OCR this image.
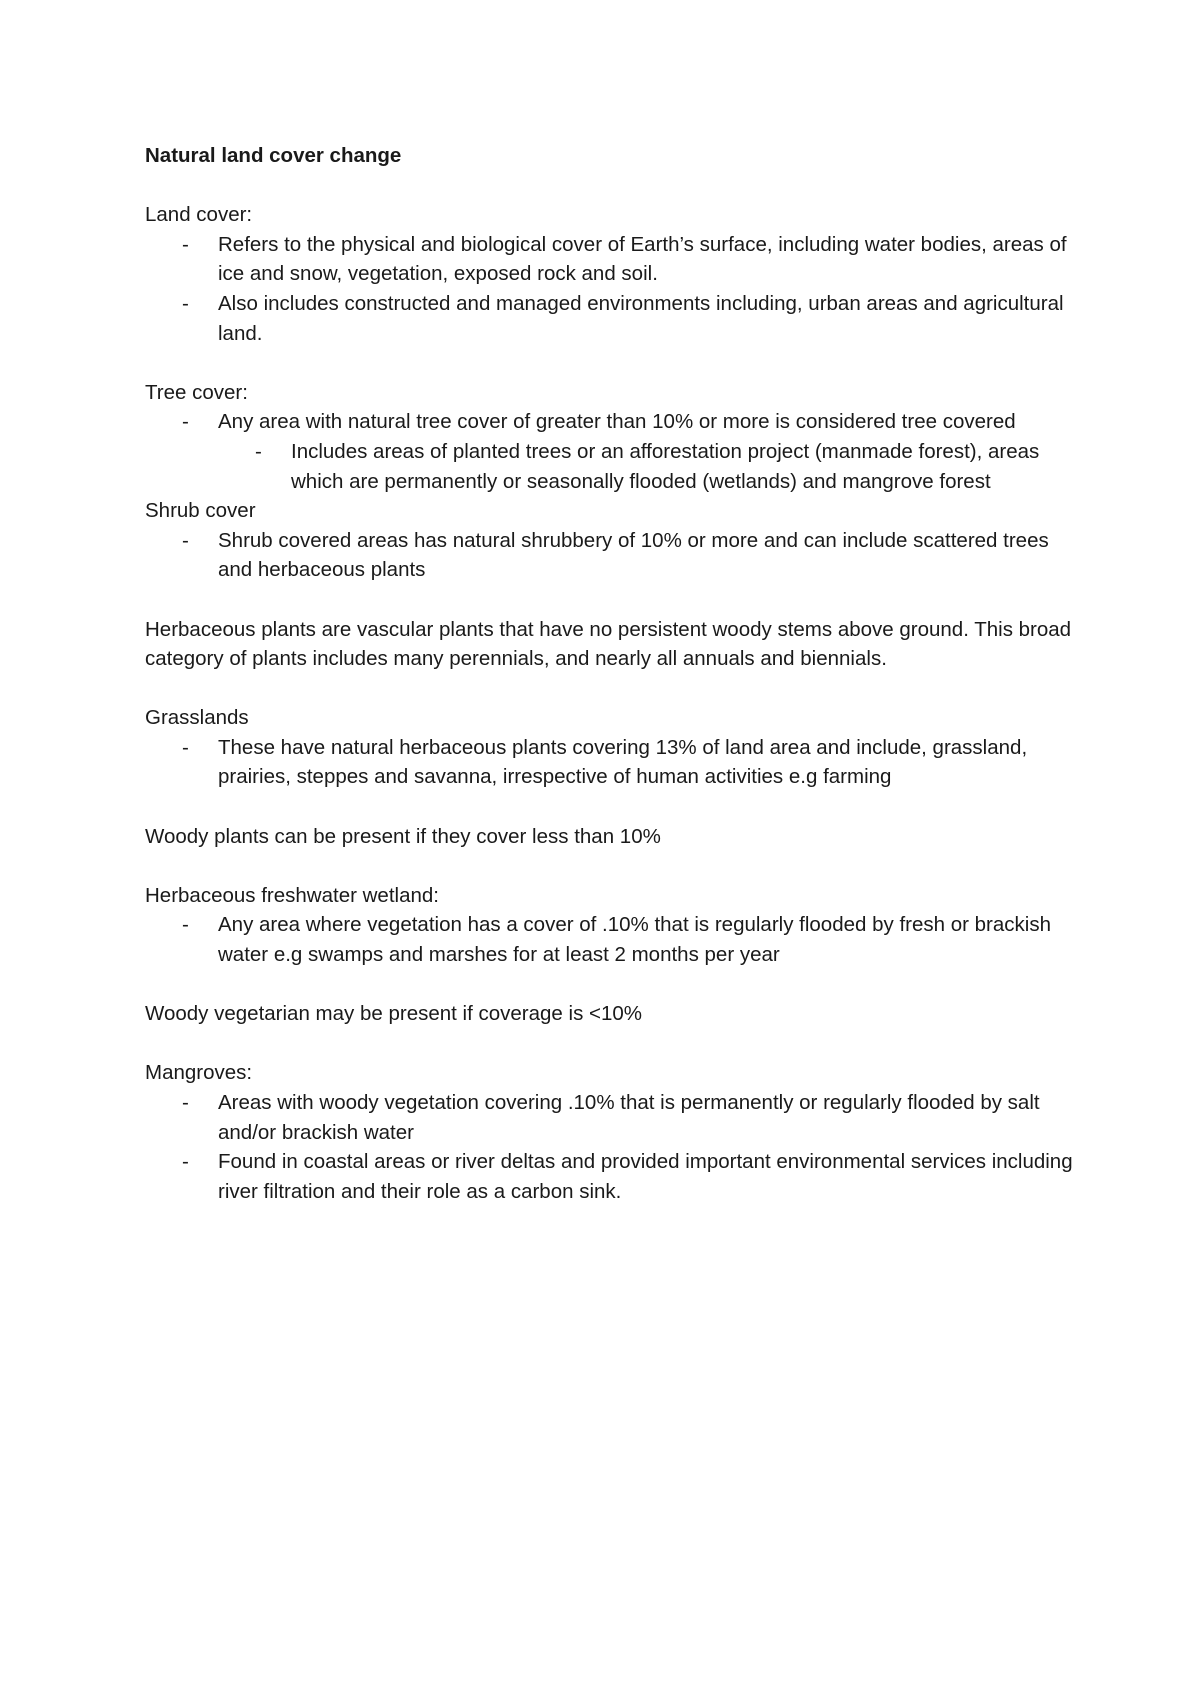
Natural land cover change

Land cover:

- Refers to the physical and biological cover of Earth’s surface, including water bodies, areas of ice and snow, vegetation, exposed rock and soil.
- Also includes constructed and managed environments including, urban areas and agricultural land.

Tree cover:

- Any area with natural tree cover of greater than 10% or more is considered tree covered
- Includes areas of planted trees or an afforestation project (manmade forest), areas which are permanently or seasonally flooded (wetlands) and mangrove forest

Shrub cover

- Shrub covered areas has natural shrubbery of 10% or more and can include scattered trees and herbaceous plants

Herbaceous plants are vascular plants that have no persistent woody stems above ground. This broad category of plants includes many perennials, and nearly all annuals and biennials.

Grasslands

- These have natural herbaceous plants covering 13% of land area and include, grassland, prairies, steppes and savanna, irrespective of human activities e.g farming

Woody plants can be present if they cover less than 10%

Herbaceous freshwater wetland:

- Any area where vegetation has a cover of .10% that is regularly flooded by fresh or brackish water e.g swamps and marshes for at least 2 months per year

Woody vegetarian may be present if coverage is <10%

Mangroves:

- Areas with woody vegetation covering .10% that is permanently or regularly flooded by salt and/or brackish water
- Found in coastal areas or river deltas and provided important environmental services including river filtration and their role as a carbon sink.
